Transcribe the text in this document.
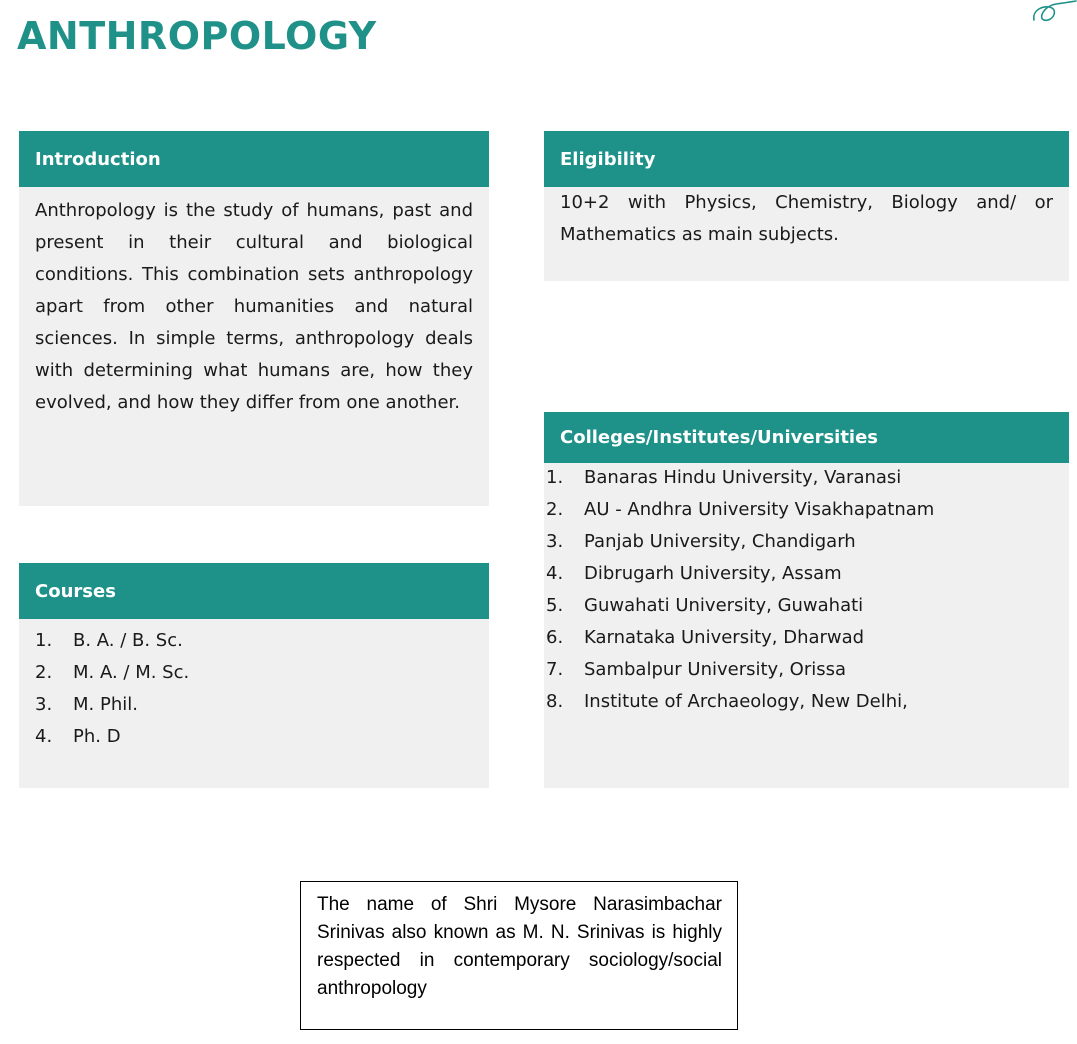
ANTHROPOLOGY
Introduction

Anthropology is the study of humans, past and present in their cultural and biological conditions. This combination sets anthropology apart from other humanities and natural sciences. In simple terms, anthropology deals with determining what humans are, how they evolved, and how they differ from one another.

Eligibility

10+2 with Physics, Chemistry, Biology and/ or Mathematics as main subjects.

Courses
1.	B. A. / B. Sc.
2.	M. A. / M. Sc.
3.	M. Phil.
4.	Ph. D
Colleges/Institutes/Universities
1.	Banaras Hindu University, Varanasi
2.	AU - Andhra University Visakhapatnam
3.	Panjab University, Chandigarh
4.	Dibrugarh University, Assam
5.	Guwahati University, Guwahati
6.	Karnataka University, Dharwad
7.	Sambalpur University, Orissa
8.	Institute of Archaeology, New Delhi,
The name of Shri Mysore Narasimbachar Srinivas also known as M. N. Srinivas is highly respected in contemporary sociology/social anthropology
